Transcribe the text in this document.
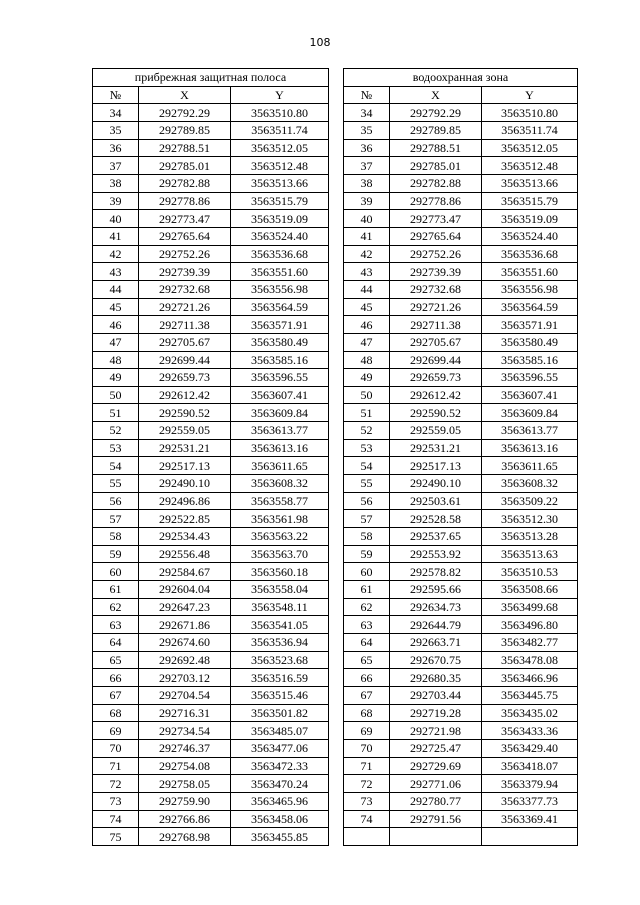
108
прибрежная защитная полоса		
№	X	Y
34	292792.29	3563510.80
35	292789.85	3563511.74
36	292788.51	3563512.05
37	292785.01	3563512.48
38	292782.88	3563513.66
39	292778.86	3563515.79
40	292773.47	3563519.09
41	292765.64	3563524.40
42	292752.26	3563536.68
43	292739.39	3563551.60
44	292732.68	3563556.98
45	292721.26	3563564.59
46	292711.38	3563571.91
47	292705.67	3563580.49
48	292699.44	3563585.16
49	292659.73	3563596.55
50	292612.42	3563607.41
51	292590.52	3563609.84
52	292559.05	3563613.77
53	292531.21	3563613.16
54	292517.13	3563611.65
55	292490.10	3563608.32
56	292496.86	3563558.77
57	292522.85	3563561.98
58	292534.43	3563563.22
59	292556.48	3563563.70
60	292584.67	3563560.18
61	292604.04	3563558.04
62	292647.23	3563548.11
63	292671.86	3563541.05
64	292674.60	3563536.94
65	292692.48	3563523.68
66	292703.12	3563516.59
67	292704.54	3563515.46
68	292716.31	3563501.82
69	292734.54	3563485.07
70	292746.37	3563477.06
71	292754.08	3563472.33
72	292758.05	3563470.24
73	292759.90	3563465.96
74	292766.86	3563458.06
75	292768.98	3563455.85
водоохранная зона		
№	X	Y
34	292792.29	3563510.80
35	292789.85	3563511.74
36	292788.51	3563512.05
37	292785.01	3563512.48
38	292782.88	3563513.66
39	292778.86	3563515.79
40	292773.47	3563519.09
41	292765.64	3563524.40
42	292752.26	3563536.68
43	292739.39	3563551.60
44	292732.68	3563556.98
45	292721.26	3563564.59
46	292711.38	3563571.91
47	292705.67	3563580.49
48	292699.44	3563585.16
49	292659.73	3563596.55
50	292612.42	3563607.41
51	292590.52	3563609.84
52	292559.05	3563613.77
53	292531.21	3563613.16
54	292517.13	3563611.65
55	292490.10	3563608.32
56	292503.61	3563509.22
57	292528.58	3563512.30
58	292537.65	3563513.28
59	292553.92	3563513.63
60	292578.82	3563510.53
61	292595.66	3563508.66
62	292634.73	3563499.68
63	292644.79	3563496.80
64	292663.71	3563482.77
65	292670.75	3563478.08
66	292680.35	3563466.96
67	292703.44	3563445.75
68	292719.28	3563435.02
69	292721.98	3563433.36
70	292725.47	3563429.40
71	292729.69	3563418.07
72	292771.06	3563379.94
73	292780.77	3563377.73
74	292791.56	3563369.41
